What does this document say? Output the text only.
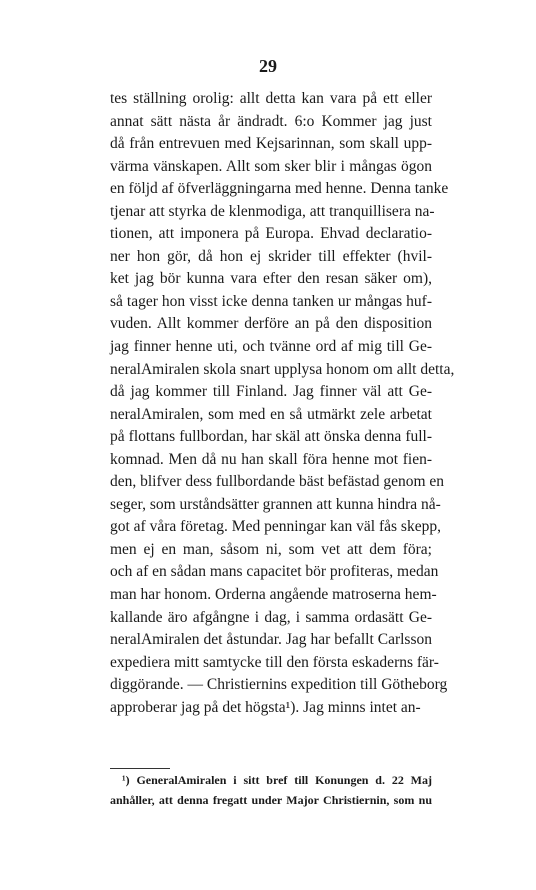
29
tes ställning orolig: allt detta kan vara på ett eller
annat sätt nästa år ändradt. 6:o Kommer jag just
då från entrevuen med Kejsarinnan, som skall upp-
värma vänskapen. Allt som sker blir i mångas ögon
en följd af öfverläggningarna med henne. Denna tanke
tjenar att styrka de klenmodiga, att tranquillisera na-
tionen, att imponera på Europa. Ehvad declaratio-
ner hon gör, då hon ej skrider till effekter (hvil-
ket jag bör kunna vara efter den resan säker om),
så tager hon visst icke denna tanken ur mångas huf-
vuden. Allt kommer derföre an på den disposition
jag finner henne uti, och tvänne ord af mig till Ge-
neralAmiralen skola snart upplysa honom om allt detta,
då jag kommer till Finland. Jag finner väl att Ge-
neralAmiralen, som med en så utmärkt zele arbetat
på flottans fullbordan, har skäl att önska denna full-
komnad. Men då nu han skall föra henne mot fien-
den, blifver dess fullbordande bäst befästad genom en
seger, som urståndsätter grannen att kunna hindra nå-
got af våra företag. Med penningar kan väl fås skepp,
men ej en man, såsom ni, som vet att dem föra;
och af en sådan mans capacitet bör profiteras, medan
man har honom. Orderna angående matroserna hem-
kallande äro afgångne i dag, i samma ordasätt Ge-
neralAmiralen det åstundar. Jag har befallt Carlsson
expediera mitt samtycke till den första eskaderns fär-
diggörande. — Christiernins expedition till Götheborg
approberar jag på det högsta¹). Jag minns intet an-
¹) GeneralAmiralen i sitt bref till Konungen d. 22 Maj
anhåller, att denna fregatt under Major Christiernin, som nu
